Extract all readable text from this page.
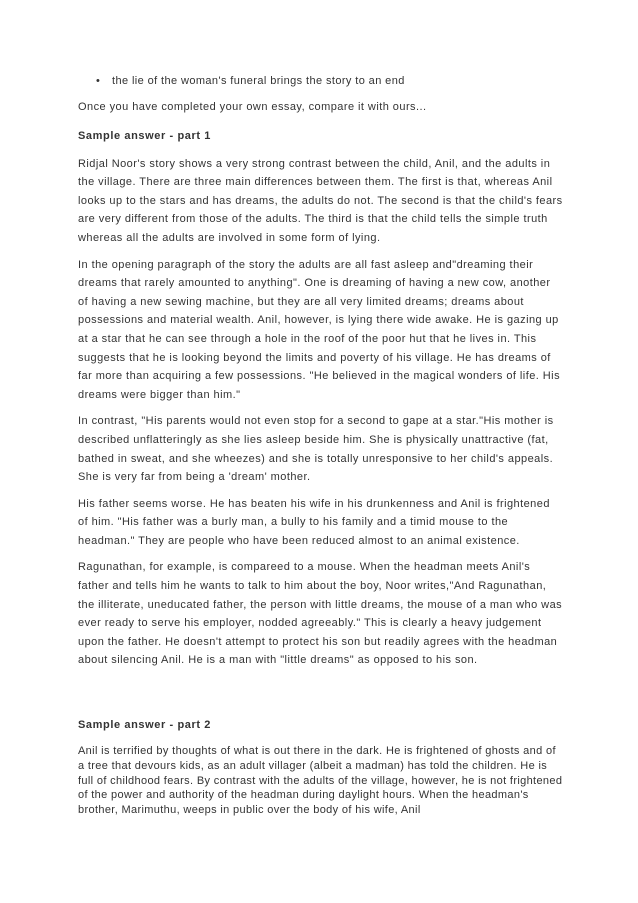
•	the lie of the woman's funeral brings the story to an end

Once you have completed your own essay, compare it with ours...

Sample answer - part 1

Ridjal Noor's story shows a very strong contrast between the child, Anil, and the adults in the village. There are three main differences between them. The first is that, whereas Anil looks up to the stars and has dreams, the adults do not. The second is that the child's fears are very different from those of the adults. The third is that the child tells the simple truth whereas all the adults are involved in some form of lying.

In the opening paragraph of the story the adults are all fast asleep and"dreaming their dreams that rarely amounted to anything". One is dreaming of having a new cow, another of having a new sewing machine, but they are all very limited dreams; dreams about possessions and material wealth. Anil, however, is lying there wide awake. He is gazing up at a star that he can see through a hole in the roof of the poor hut that he lives in. This suggests that he is looking beyond the limits and poverty of his village. He has dreams of far more than acquiring a few possessions. "He believed in the magical wonders of life. His dreams were bigger than him."

In contrast, "His parents would not even stop for a second to gape at a star."His mother is described unflatteringly as she lies asleep beside him. She is physically unattractive (fat, bathed in sweat, and she wheezes) and she is totally unresponsive to her child's appeals. She is very far from being a 'dream' mother.

His father seems worse. He has beaten his wife in his drunkenness and Anil is frightened of him. "His father was a burly man, a bully to his family and a timid mouse to the headman." They are people who have been reduced almost to an animal existence.

Ragunathan, for example, is compareed to a mouse. When the headman meets Anil's father and tells him he wants to talk to him about the boy, Noor writes,"And Ragunathan, the illiterate, uneducated father, the person with little dreams, the mouse of a man who was ever ready to serve his employer, nodded agreeably." This is clearly a heavy judgement upon the father. He doesn't attempt to protect his son but readily agrees with the headman about silencing Anil. He is a man with "little dreams" as opposed to his son.

Sample answer - part 2

Anil is terrified by thoughts of what is out there in the dark. He is frightened of ghosts and of a tree that devours kids, as an adult villager (albeit a madman) has told the children. He is full of childhood fears. By contrast with the adults of the village, however, he is not frightened of the power and authority of the headman during daylight hours. When the headman's brother, Marimuthu, weeps in public over the body of his wife, Anil
